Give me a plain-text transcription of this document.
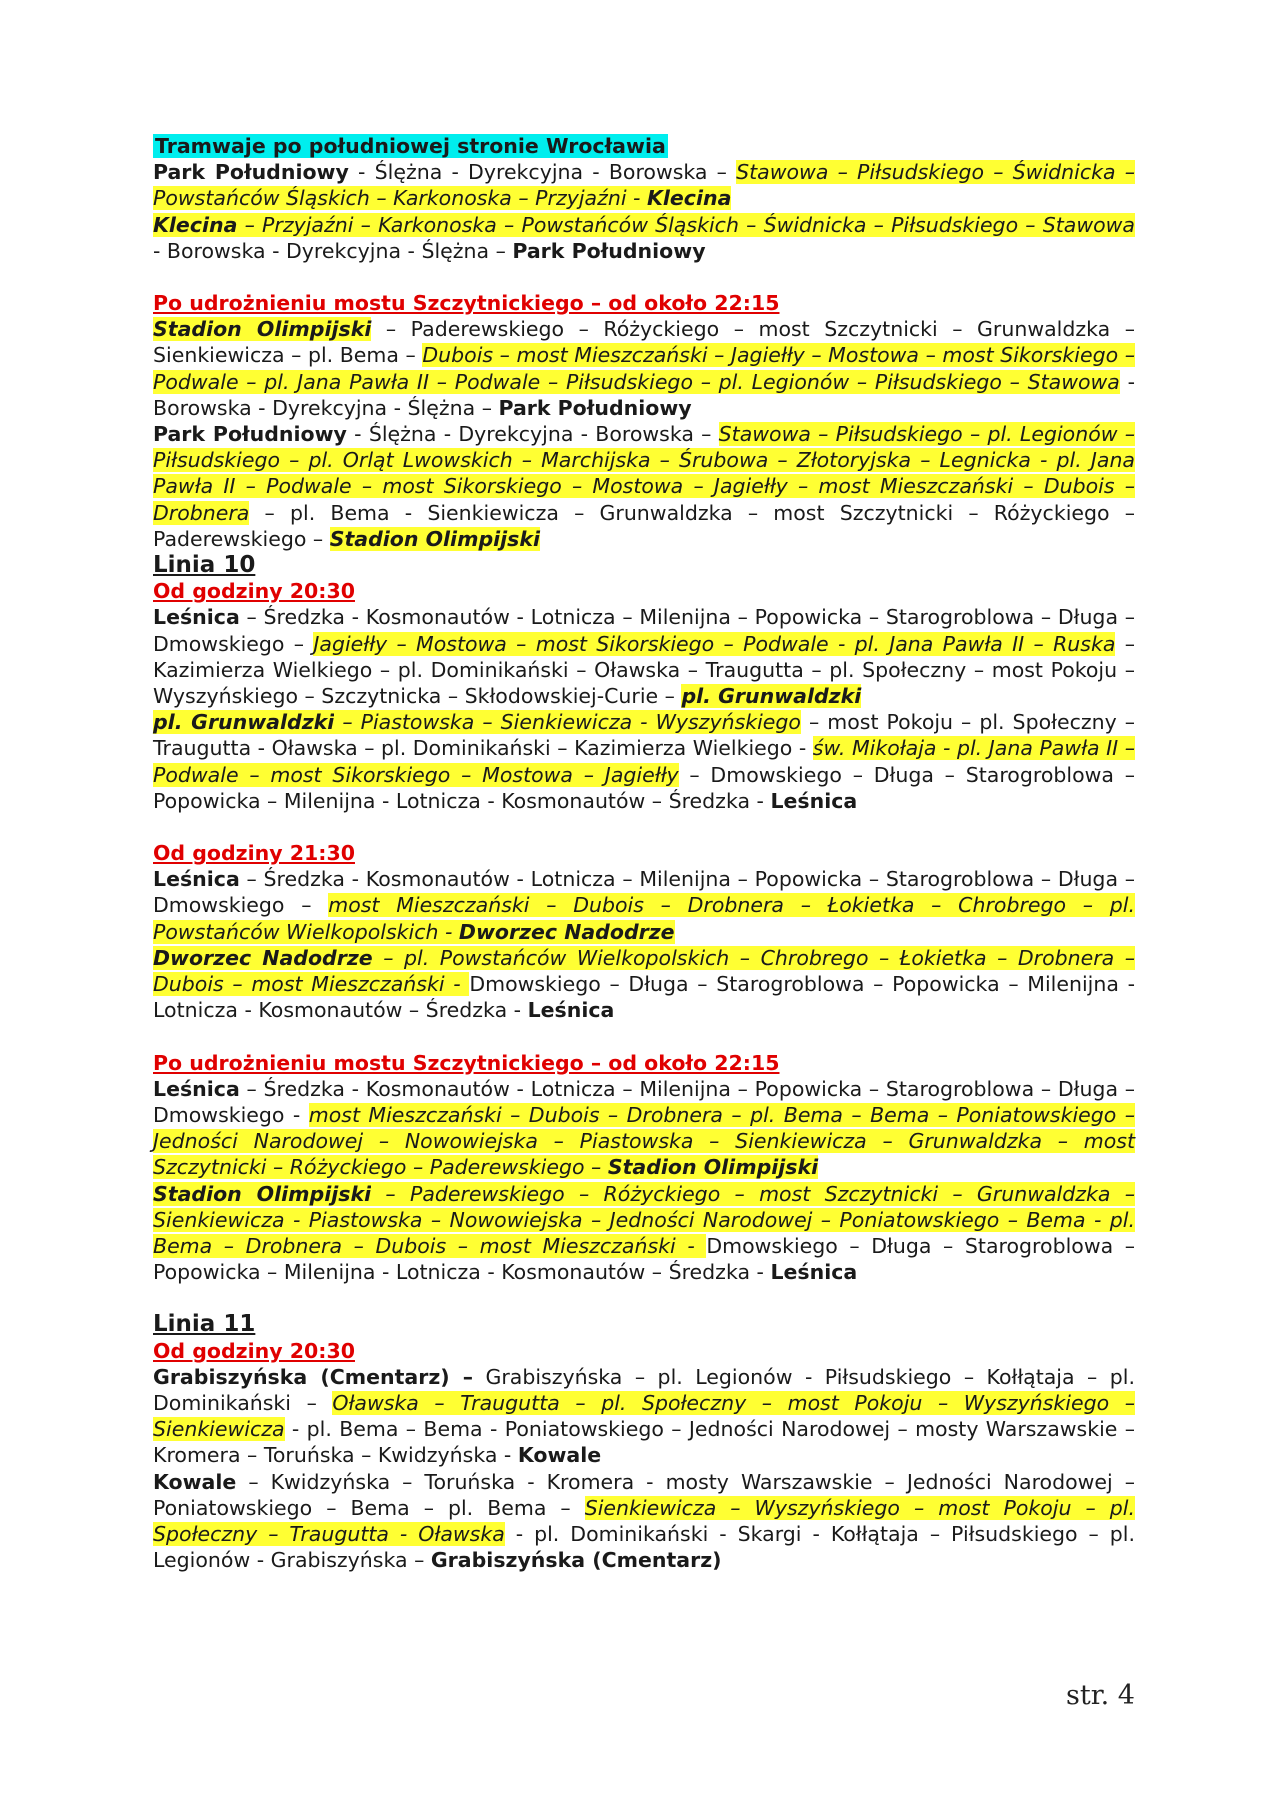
Tramwaje po południowej stronie Wrocławia
Park Południowy - Ślężna - Dyrekcyjna - Borowska – Stawowa – Piłsudskiego – Świdnicka – Powstańców Śląskich – Karkonoska – Przyjaźni - Klecina
Klecina – Przyjaźni – Karkonoska – Powstańców Śląskich – Świdnicka – Piłsudskiego – Stawowa - Borowska - Dyrekcyjna - Ślężna – Park Południowy
Po udrożnieniu mostu Szczytnickiego – od około 22:15
Stadion Olimpijski – Paderewskiego – Różyckiego – most Szczytnicki – Grunwaldzka – Sienkiewicza – pl. Bema – Dubois – most Mieszczański – Jagiełły – Mostowa – most Sikorskiego – Podwale – pl. Jana Pawła II – Podwale – Piłsudskiego – pl. Legionów – Piłsudskiego – Stawowa - Borowska - Dyrekcyjna - Ślężna – Park Południowy
Park Południowy - Ślężna - Dyrekcyjna - Borowska – Stawowa – Piłsudskiego – pl. Legionów – Piłsudskiego – pl. Orląt Lwowskich – Marchijska – Śrubowa – Złotoryjska – Legnicka - pl. Jana Pawła II – Podwale – most Sikorskiego – Mostowa – Jagiełły – most Mieszczański – Dubois – Drobnera – pl. Bema - Sienkiewicza – Grunwaldzka – most Szczytnicki – Różyckiego – Paderewskiego – Stadion Olimpijski
Linia 10
Od godziny 20:30
Leśnica – Średzka - Kosmonautów - Lotnicza – Milenijna – Popowicka – Starogroblowa – Długa – Dmowskiego – Jagiełły – Mostowa – most Sikorskiego – Podwale - pl. Jana Pawła II – Ruska – Kazimierza Wielkiego – pl. Dominikański – Oławska – Traugutta – pl. Społeczny – most Pokoju – Wyszyńskiego – Szczytnicka – Skłodowskiej-Curie – pl. Grunwaldzki
pl. Grunwaldzki – Piastowska – Sienkiewicza - Wyszyńskiego – most Pokoju – pl. Społeczny – Traugutta - Oławska – pl. Dominikański – Kazimierza Wielkiego - św. Mikołaja - pl. Jana Pawła II – Podwale – most Sikorskiego – Mostowa – Jagiełły – Dmowskiego – Długa – Starogroblowa – Popowicka – Milenijna - Lotnicza - Kosmonautów – Średzka - Leśnica
Od godziny 21:30
Leśnica – Średzka - Kosmonautów - Lotnicza – Milenijna – Popowicka – Starogroblowa – Długa – Dmowskiego – most Mieszczański – Dubois – Drobnera – Łokietka – Chrobrego – pl. Powstańców Wielkopolskich - Dworzec Nadodrze
Dworzec Nadodrze – pl. Powstańców Wielkopolskich – Chrobrego – Łokietka – Drobnera – Dubois – most Mieszczański - Dmowskiego – Długa – Starogroblowa – Popowicka – Milenijna - Lotnicza - Kosmonautów – Średzka - Leśnica
Po udrożnieniu mostu Szczytnickiego – od około 22:15
Leśnica – Średzka - Kosmonautów - Lotnicza – Milenijna – Popowicka – Starogroblowa – Długa – Dmowskiego - most Mieszczański – Dubois – Drobnera – pl. Bema – Bema – Poniatowskiego – Jedności Narodowej – Nowowiejska – Piastowska – Sienkiewicza – Grunwaldzka – most Szczytnicki – Różyckiego – Paderewskiego – Stadion Olimpijski
Stadion Olimpijski – Paderewskiego – Różyckiego – most Szczytnicki – Grunwaldzka – Sienkiewicza - Piastowska – Nowowiejska – Jedności Narodowej – Poniatowskiego – Bema - pl. Bema – Drobnera – Dubois – most Mieszczański - Dmowskiego – Długa – Starogroblowa – Popowicka – Milenijna - Lotnicza - Kosmonautów – Średzka - Leśnica
Linia 11
Od godziny 20:30
Grabiszyńska (Cmentarz) – Grabiszyńska – pl. Legionów - Piłsudskiego – Kołłątaja – pl. Dominikański – Oławska – Traugutta – pl. Społeczny – most Pokoju – Wyszyńskiego – Sienkiewicza - pl. Bema – Bema - Poniatowskiego – Jedności Narodowej – mosty Warszawskie – Kromera – Toruńska – Kwidzyńska - Kowale
Kowale – Kwidzyńska – Toruńska - Kromera - mosty Warszawskie – Jedności Narodowej – Poniatowskiego – Bema – pl. Bema – Sienkiewicza – Wyszyńskiego – most Pokoju – pl. Społeczny – Traugutta - Oławska - pl. Dominikański - Skargi - Kołłątaja – Piłsudskiego – pl. Legionów - Grabiszyńska – Grabiszyńska (Cmentarz)
str. 4
